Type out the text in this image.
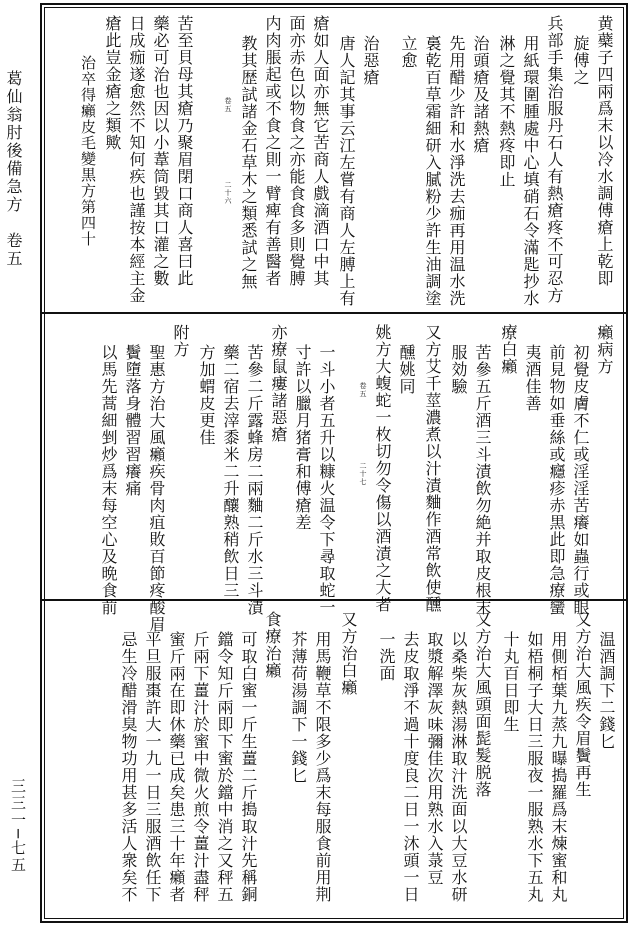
葛仙翁肘後備急方　卷五
三三一─七五
黄蘗子四兩爲末以冷水調傅瘡上乾即
旋傅之
兵部手集治服丹石人有熱瘡疼不可忍方
用紙環圍腫處中心填硝石令滿匙抄水
淋之覺其不熱疼即止
治頭瘡及諸熱瘡
先用醋少許和水淨洗去痂再用温水洗
裛乾百草霜細研入膩粉少許生油調塗
立愈
治惡瘡
唐人記其事云江左嘗有商人左膊上有
瘡如人面亦無它苦商人戲滴酒口中其
面亦赤色以物食之亦能食食多則覺膊
内肉脹起或不食之則一臂痺有善醫者
教其歴試諸金石草木之類悉試之無
苦至貝母其瘡乃聚眉閉口商人喜曰此
藥必可治也因以小葦筒毀其口灌之數
日成痂遂愈然不知何疾也謹按本經主金
瘡此豈金瘡之類歟
治卒得癩皮毛變黒方第四十	卷五
二十六
癩病方
初覺皮膚不仁或淫淫苦癢如蟲行或眼
前見物如垂絲或癮疹赤黒此即急療蠻
夷酒佳善
療白癩
苦參五斤酒三斗漬飲勿絶并取皮根末
服効驗
又方艾千莖濃煮以汁漬麯作酒常飲使醺
醺姚同
姚方大蝮蛇一枚切勿令傷以酒漬之大者
一斗小者五升以糠火温令下尋取蛇一
寸許以臘月猪膏和傅瘡差
亦療鼠瘻諸惡瘡
苦參二斤露蜂房二兩麯二斤水三斗漬
藥二宿去滓黍米二升釀熟稍飲日三
方加蝟皮更佳
附方
聖惠方治大風癩疾骨肉疽敗百節疼酸眉
鬢墮落身體習習癢痛
以馬先蒿細剉炒爲末每空心及晩食前	卷五
二十七
温酒調下二錢匕
又方治大風疾令眉鬢再生
用側栢葉九蒸九曝搗羅爲末煉蜜和丸
如梧桐子大日三服夜一服熟水下五丸
十丸百日即生
又方治大風頭面髭髮脱落
以桑柴灰熱湯淋取汁洗面以大豆水研
取漿解澤灰味彌佳次用熟水入菉豆
去皮取淨不過十度良二日一沐頭一日
一洗面
又方治白癩
用馬鞭草不限多少爲末每服食前用荆
芥薄荷湯調下一錢匕
食療治癩
可取白蜜一斤生薑二斤搗取汁先稱銅
鐺令知斤兩即下蜜於鐺中消之又秤五
斤兩下薑汁於蜜中微火煎令薑汁盡秤
蜜斤兩在即休藥已成矣患三十年癩者
平旦服棗許大一九一日三服酒飲任下
忌生冷醋滑臭物功用甚多活人衆矣不
